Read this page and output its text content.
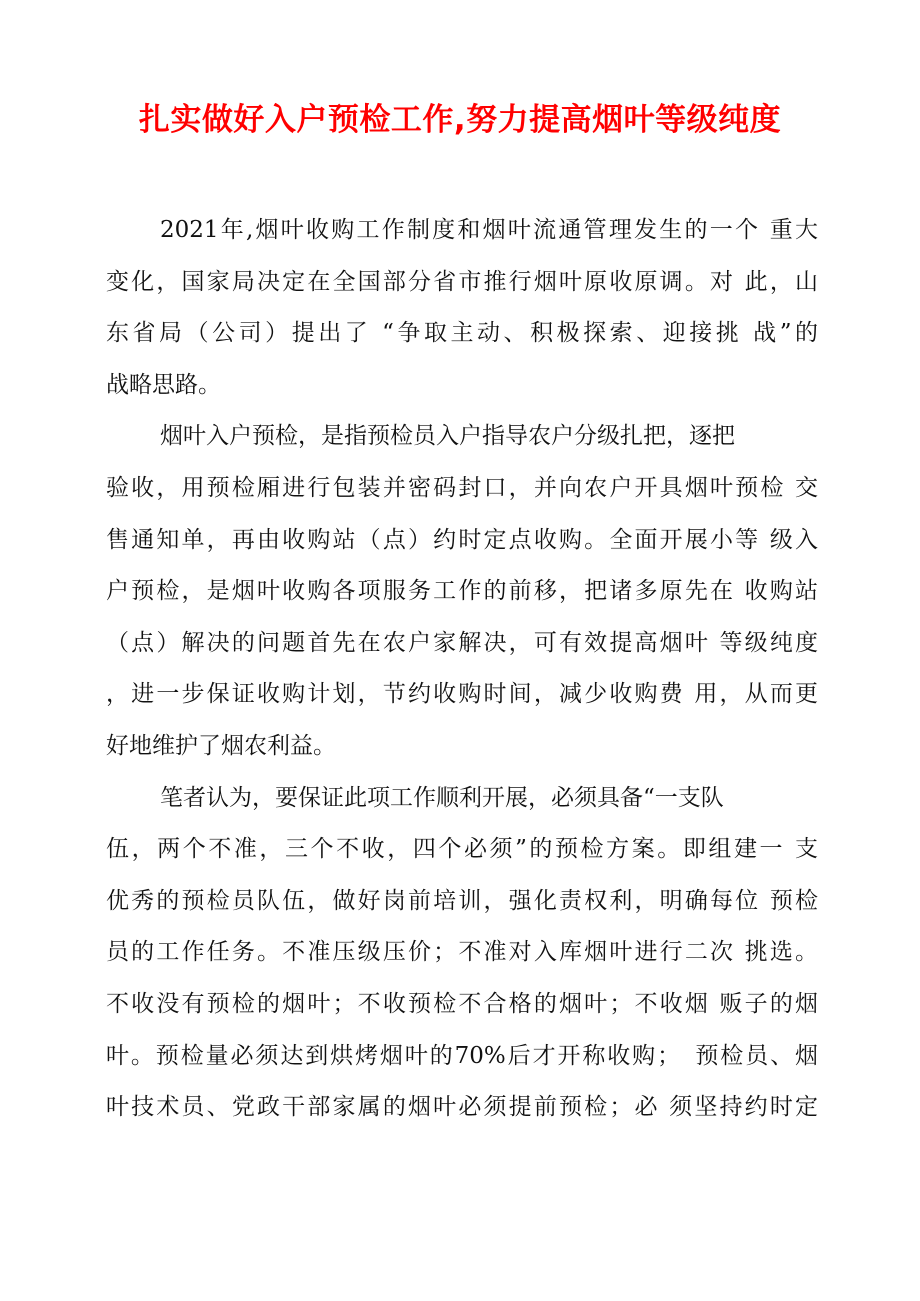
扎实做好入户预检工作,努力提高烟叶等级纯度

2021年,烟叶收购工作制度和烟叶流通管理发生的一个 重大

变化，国家局决定在全国部分省市推行烟叶原收原调。对 此，山

东省局（公司）提出了 “争取主动、积极探索、迎接挑 战”的

战略思路。

烟叶入户预检，是指预检员入户指导农户分级扎把，逐把

验收，用预检厢进行包装并密码封口，并向农户开具烟叶预检 交

售通知单，再由收购站（点）约时定点收购。全面开展小等 级入

户预检，是烟叶收购各项服务工作的前移，把诸多原先在 收购站

（点）解决的问题首先在农户家解决，可有效提高烟叶 等级纯度

，进一步保证收购计划，节约收购时间，减少收购费 用，从而更

好地维护了烟农利益。

笔者认为，要保证此项工作顺利开展，必须具备“一支队

伍，两个不准，三个不收，四个必须”的预检方案。即组建一 支

优秀的预检员队伍，做好岗前培训，强化责权利，明确每位 预检

员的工作任务。不准压级压价；不准对入库烟叶进行二次 挑选。

不收没有预检的烟叶；不收预检不合格的烟叶；不收烟 贩子的烟

叶。预检量必须达到烘烤烟叶的70%后才开称收购；　预检员、烟

叶技术员、党政干部家属的烟叶必须提前预检；必 须坚持约时定
